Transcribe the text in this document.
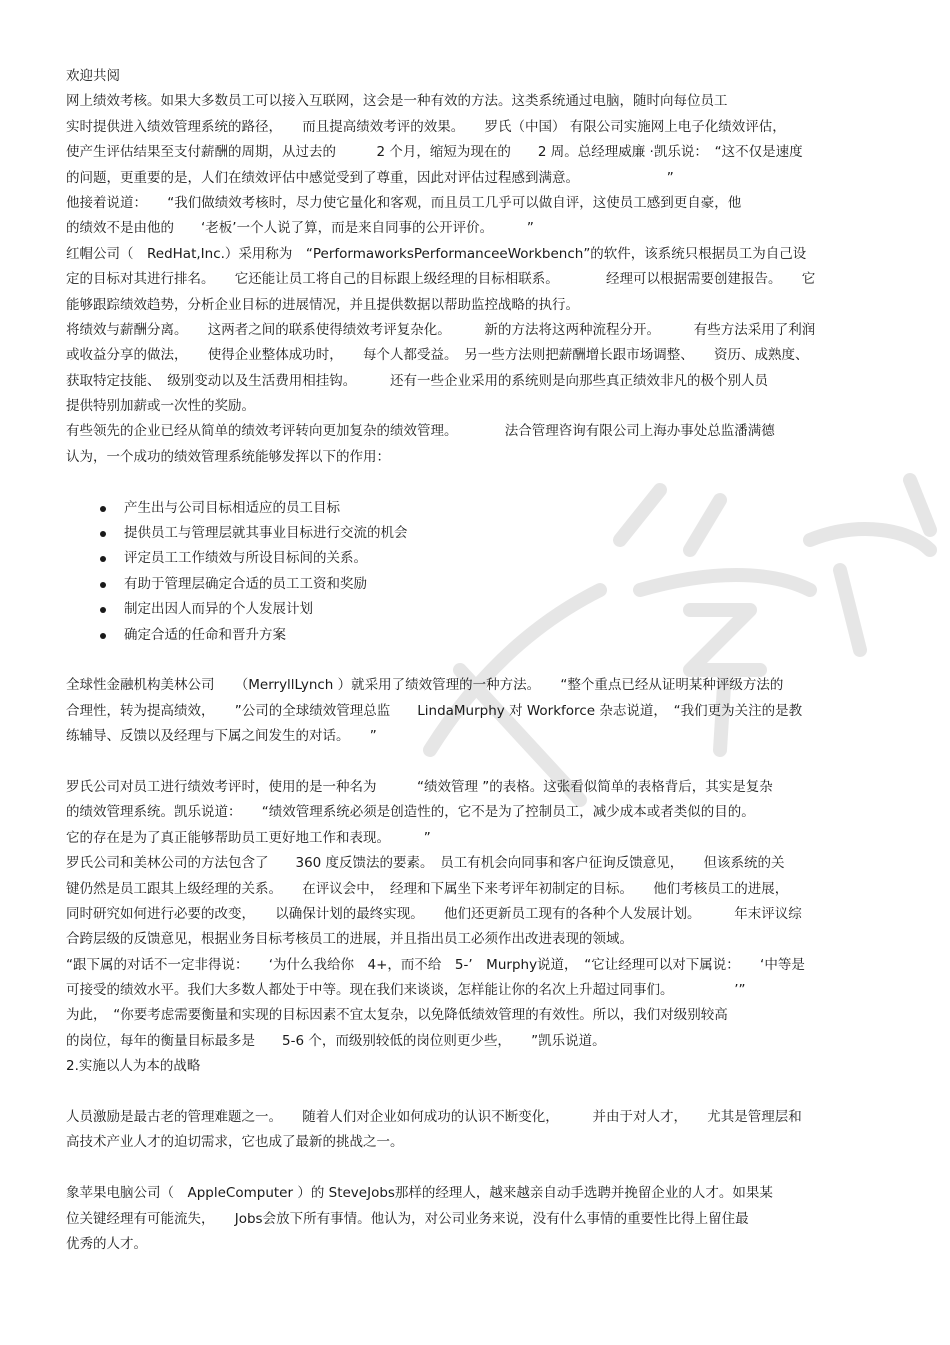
欢迎共阅
网上绩效考核。如果大多数员工可以接入互联网，这会是一种有效的方法。这类系统通过电脑，随时向每位员工
实时提供进入绩效管理系统的路径，　　而且提高绩效考评的效果。　　罗氏（中国） 有限公司实施网上电子化绩效评估，
使产生评估结果至支付薪酬的周期，从过去的　　　2 个月，缩短为现在的　　2 周。总经理威廉 ·凯乐说：　“这不仅是速度
的问题，更重要的是，人们在绩效评估中感觉受到了尊重，因此对评估过程感到满意。　　　　　　　”
他接着说道：　　“我们做绩效考核时，尽力使它量化和客观，而且员工几乎可以做自评，这使员工感到更自豪，他
的绩效不是由他的　　‘老板’一个人说了算，而是来自同事的公开评价。　　　”
红帽公司（　RedHat,Inc.）采用称为　“PerformaworksPerformanceeWorkbench”的软件，该系统只根据员工为自己设
定的目标对其进行排名。　　它还能让员工将自己的目标跟上级经理的目标相联系。　　　　经理可以根据需要创建报告。　　它
能够跟踪绩效趋势，分析企业目标的进展情况，并且提供数据以帮助监控战略的执行。
将绩效与薪酬分离。　　这两者之间的联系使得绩效考评复杂化。　　　新的方法将这两种流程分开。　　　有些方法采用了利润
或收益分享的做法，　　使得企业整体成功时，　　每个人都受益。　另一些方法则把薪酬增长跟市场调整、　　资历、成熟度、
获取特定技能、　级别变动以及生活费用相挂钩。　　　还有一些企业采用的系统则是向那些真正绩效非凡的极个别人员
提供特别加薪或一次性的奖励。
有些领先的企业已经从简单的绩效考评转向更加复杂的绩效管理。　　　　法合管理咨询有限公司上海办事处总监潘满德
认为，一个成功的绩效管理系统能够发挥以下的作用：
产生出与公司目标相适应的员工目标
提供员工与管理层就其事业目标进行交流的机会
评定员工工作绩效与所设目标间的关系。
有助于管理层确定合适的员工工资和奖励
制定出因人而异的个人发展计划
确定合适的任命和晋升方案
全球性金融机构美林公司　　（MerryllLynch ）就采用了绩效管理的一种方法。　　“整个重点已经从证明某种评级方法的
合理性，转为提高绩效，　　”公司的全球绩效管理总监　　LindaMurphy 对 Workforce 杂志说道，　“我们更为关注的是教
练辅导、反馈以及经理与下属之间发生的对话。　　”
罗氏公司对员工进行绩效考评时，使用的是一种名为　　　“绩效管理 ”的表格。这张看似简单的表格背后，其实是复杂
的绩效管理系统。凯乐说道：　　“绩效管理系统必须是创造性的，它不是为了控制员工，减少成本或者类似的目的。
它的存在是为了真正能够帮助员工更好地工作和表现。　　　”
罗氏公司和美林公司的方法包含了　　360 度反馈法的要素。　员工有机会向同事和客户征询反馈意见，　　但该系统的关
键仍然是员工跟其上级经理的关系。　　在评议会中，　经理和下属坐下来考评年初制定的目标。　　他们考核员工的进展，
同时研究如何进行必要的改变，　　以确保计划的最终实现。　　他们还更新员工现有的各种个人发展计划。　　　年末评议综
合跨层级的反馈意见，根据业务目标考核员工的进展，并且指出员工必须作出改进表现的领域。
“跟下属的对话不一定非得说：　　‘为什么我给你　4+，而不给　5-’　Murphy说道，　“它让经理可以对下属说：　　‘中等是
可接受的绩效水平。我们大多数人都处于中等。现在我们来谈谈，怎样能让你的名次上升超过同事们。　　　　　’”
为此，　“你要考虑需要衡量和实现的目标因素不宜太复杂，以免降低绩效管理的有效性。所以，我们对级别较高
的岗位，每年的衡量目标最多是　　5-6 个，而级别较低的岗位则更少些，　　”凯乐说道。
2.实施以人为本的战略
人员激励是最古老的管理难题之一。　　随着人们对企业如何成功的认识不断变化，　　　并由于对人才，　　尤其是管理层和
高技术产业人才的迫切需求，它也成了最新的挑战之一。
象苹果电脑公司（　AppleComputer ）的 SteveJobs那样的经理人，越来越亲自动手选聘并挽留企业的人才。如果某
位关键经理有可能流失，　　Jobs会放下所有事情。他认为，对公司业务来说，没有什么事情的重要性比得上留住最
优秀的人才。
